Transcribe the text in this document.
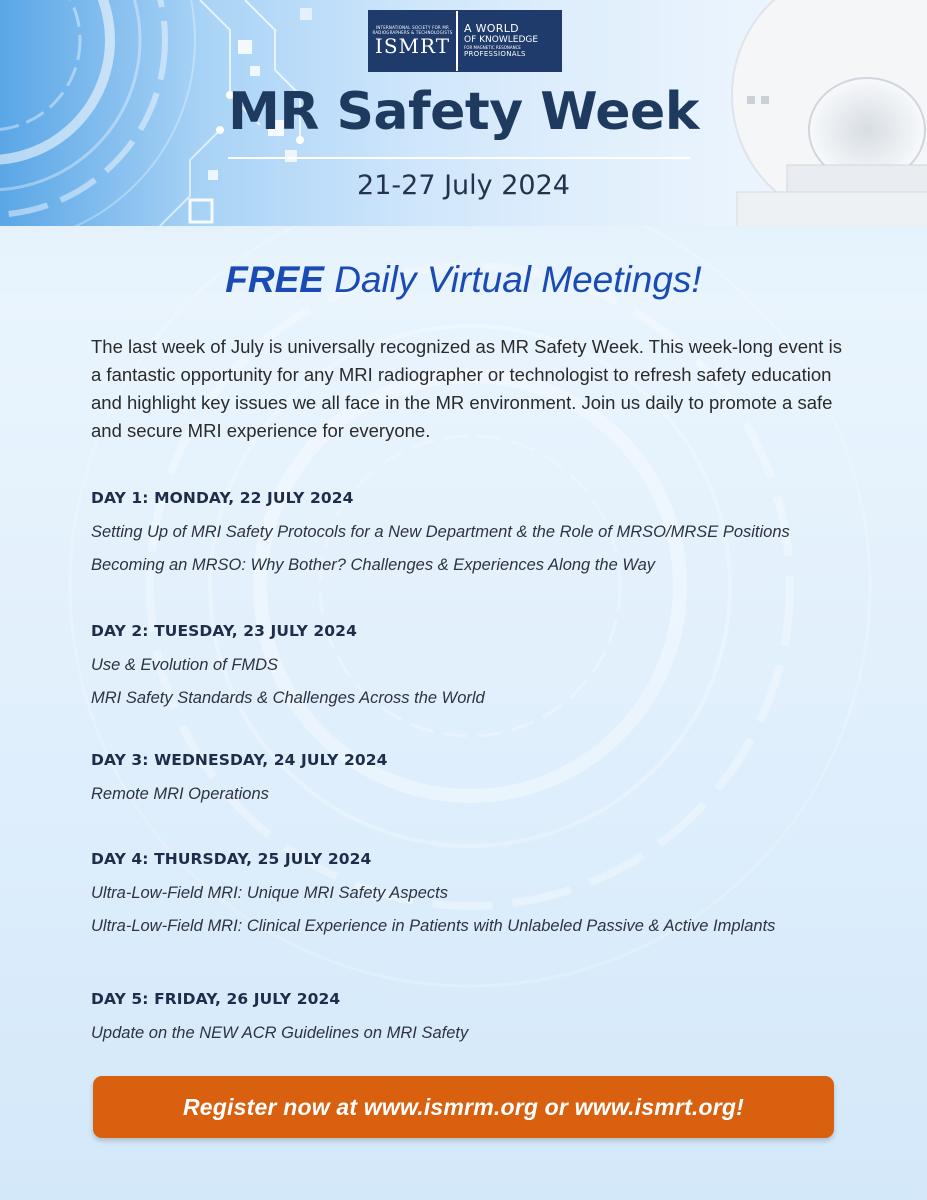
INTERNATIONAL SOCIETY FOR MR RADIOGRAPHERS & TECHNOLOGISTS
ISMRT
A WORLD
OF KNOWLEDGE
FOR MAGNETIC RESONANCE
PROFESSIONALS
MR Safety Week
21-27 July 2024
FREE Daily Virtual Meetings!
The last week of July is universally recognized as MR Safety Week. This week-long event is a fantastic opportunity for any MRI radiographer or technologist to refresh safety education and highlight key issues we all face in the MR environment. Join us daily to promote a safe and secure MRI experience for everyone.
DAY 1: MONDAY, 22 JULY 2024
Setting Up of MRI Safety Protocols for a New Department & the Role of MRSO/MRSE Positions
Becoming an MRSO: Why Bother? Challenges & Experiences Along the Way
DAY 2: TUESDAY, 23 JULY 2024
Use & Evolution of FMDS
MRI Safety Standards & Challenges Across the World
DAY 3: WEDNESDAY, 24 JULY 2024
Remote MRI Operations
DAY 4: THURSDAY, 25 JULY 2024
Ultra-Low-Field MRI: Unique MRI Safety Aspects
Ultra-Low-Field MRI: Clinical Experience in Patients with Unlabeled Passive & Active Implants
DAY 5: FRIDAY, 26 JULY 2024
Update on the NEW ACR Guidelines on MRI Safety
Register now at www.ismrm.org or www.ismrt.org!
